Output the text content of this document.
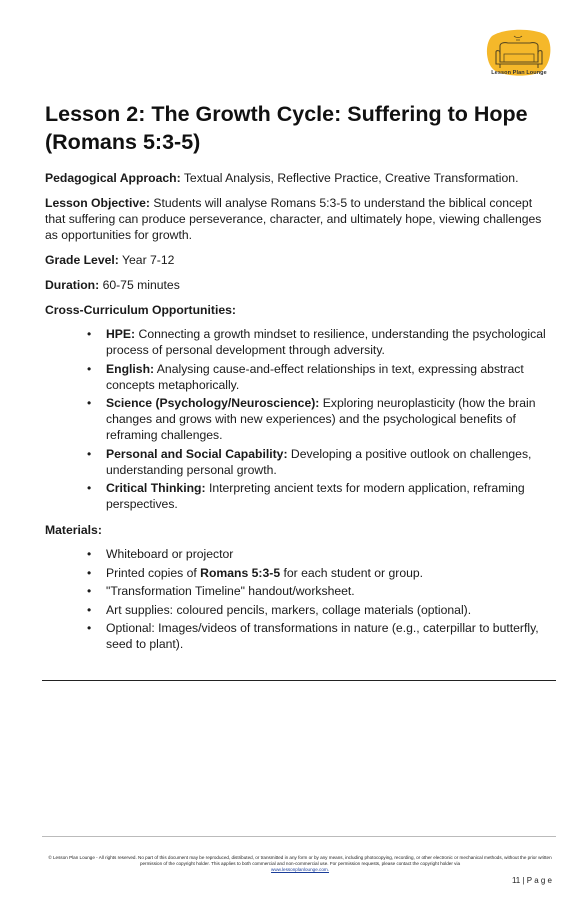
Lesson Plan Lounge
Lesson 2: The Growth Cycle: Suffering to Hope (Romans 5:3-5)

Pedagogical Approach: Textual Analysis, Reflective Practice, Creative Transformation.

Lesson Objective: Students will analyse Romans 5:3-5 to understand the biblical concept that suffering can produce perseverance, character, and ultimately hope, viewing challenges as opportunities for growth.

Grade Level: Year 7-12

Duration: 60-75 minutes

Cross-Curriculum Opportunities:
• HPE: Connecting a growth mindset to resilience, understanding the psychological process of personal development through adversity.
• English: Analysing cause-and-effect relationships in text, expressing abstract concepts metaphorically.
• Science (Psychology/Neuroscience): Exploring neuroplasticity (how the brain changes and grows with new experiences) and the psychological benefits of reframing challenges.
• Personal and Social Capability: Developing a positive outlook on challenges, understanding personal growth.
• Critical Thinking: Interpreting ancient texts for modern application, reframing perspectives.
Materials:
• Whiteboard or projector
• Printed copies of Romans 5:3-5 for each student or group.
• "Transformation Timeline" handout/worksheet.
• Art supplies: coloured pencils, markers, collage materials (optional).
• Optional: Images/videos of transformations in nature (e.g., caterpillar to butterfly, seed to plant).
© Lesson Plan Lounge - All rights reserved. No part of this document may be reproduced, distributed, or transmitted in any form or by any means, including photocopying, recording, or other electronic or mechanical methods, without the prior written permission of the copyright holder. This applies to both commercial and non-commercial use. For permission requests, please contact the copyright holder via
www.lessonplanlounge.com.
11 | P a g e
